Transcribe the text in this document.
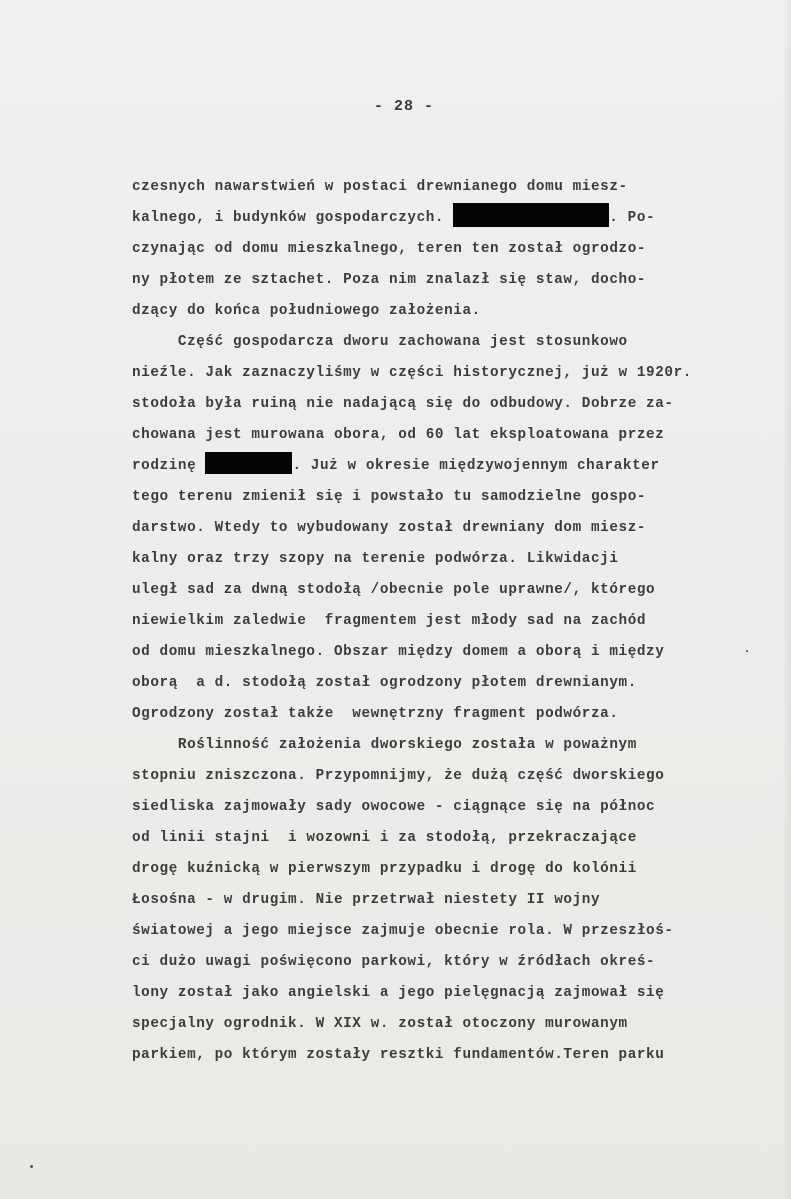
- 28 -
czesnych nawarstwień w postaci drewnianego domu miesz-
kalnego, i budynków gospodarczych.	. Po-
czynając od domu mieszkalnego, teren ten został ogrodzo-
ny płotem ze sztachet. Poza nim znalazł się staw, docho-
dzący do końca południowego założenia.
Część gospodarcza dworu zachowana jest stosunkowo
nieźle. Jak zaznaczyliśmy w części historycznej, już w 1920r.
stodoła była ruiną nie nadającą się do odbudowy. Dobrze za-
chowana jest murowana obora, od 60 lat eksploatowana przez
rodzinę	. Już w okresie międzywojennym charakter
tego terenu zmienił się i powstało tu samodzielne gospo-
darstwo. Wtedy to wybudowany został drewniany dom miesz-
kalny oraz trzy szopy na terenie podwórza. Likwidacji
uległ sad za dwną stodołą /obecnie pole uprawne/, którego
niewielkim zaledwie  fragmentem jest młody sad na zachód
od domu mieszkalnego. Obszar między domem a oborą i między
oborą  a d. stodołą został ogrodzony płotem drewnianym.
Ogrodzony został także  wewnętrzny fragment podwórza.
Roślinność założenia dworskiego została w poważnym
stopniu zniszczona. Przypomnijmy, że dużą część dworskiego
siedliska zajmowały sady owocowe - ciągnące się na północ
od linii stajni  i wozowni i za stodołą, przekraczające
drogę kuźnicką w pierwszym przypadku i drogę do kolónii
Łosośna - w drugim. Nie przetrwał niestety II wojny
światowej a jego miejsce zajmuje obecnie rola. W przeszłoś-
ci dużo uwagi poświęcono parkowi, który w źródłach okreś-
lony został jako angielski a jego pielęgnacją zajmował się
specjalny ogrodnik. W XIX w. został otoczony murowanym
parkiem, po którym zostały resztki fundamentów.Teren parku
